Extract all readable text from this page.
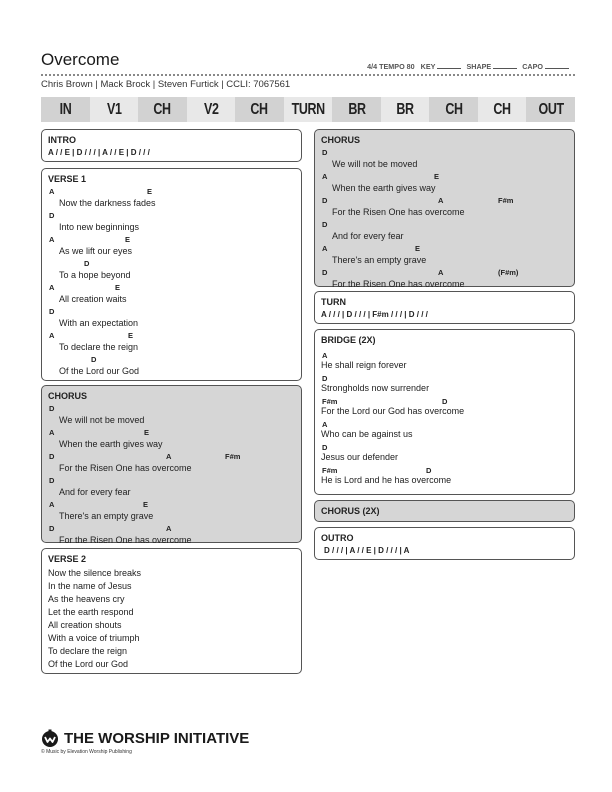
Overcome	4/4 TEMPO 80 KEY	SHAPE	CAPO
Chris Brown | Mack Brock | Steven Furtick | CCLI: 7067561
IN V1 CH V2 CH TURN BR BR CH CH OUT
INTRO
A / / E | D / / / | A / / E | D / / /
VERSE 1
A	E
Now the darkness fades
D
Into new beginnings
A	E
As we lift our eyes
D
To a hope beyond
A	E
All creation waits
D
With an expectation
A	E
To declare the reign
D
Of the Lord our God
CHORUS
D
We will not be moved
A	E
When the earth gives way
D	A	F#m
For the Risen One has overcome
D
And for every fear
A	E
There's an empty grave
D	A
For the Risen One has overcome
VERSE 2
Now the silence breaks
In the name of Jesus
As the heavens cry
Let the earth respond
All creation shouts
With a voice of triumph
To declare the reign
Of the Lord our God
CHORUS
D
We will not be moved
A	E
When the earth gives way
D	A	F#m
For the Risen One has overcome
D
And for every fear
A	E
There's an empty grave
D	A	(F#m)
For the Risen One has overcome
TURN
A / / / | D / / / | F#m / / / | D / / /
BRIDGE (2X)
A
He shall reign forever
D
Strongholds now surrender
F#m	D
For the Lord our God has overcome
A
Who can be against us
D
Jesus our defender
F#m	D
He is Lord and he has overcome
CHORUS (2X)
OUTRO
D / / / | A / / E | D / / / | A
THE WORSHIP INITIATIVE
© Music by Elevation Worship Publishing
